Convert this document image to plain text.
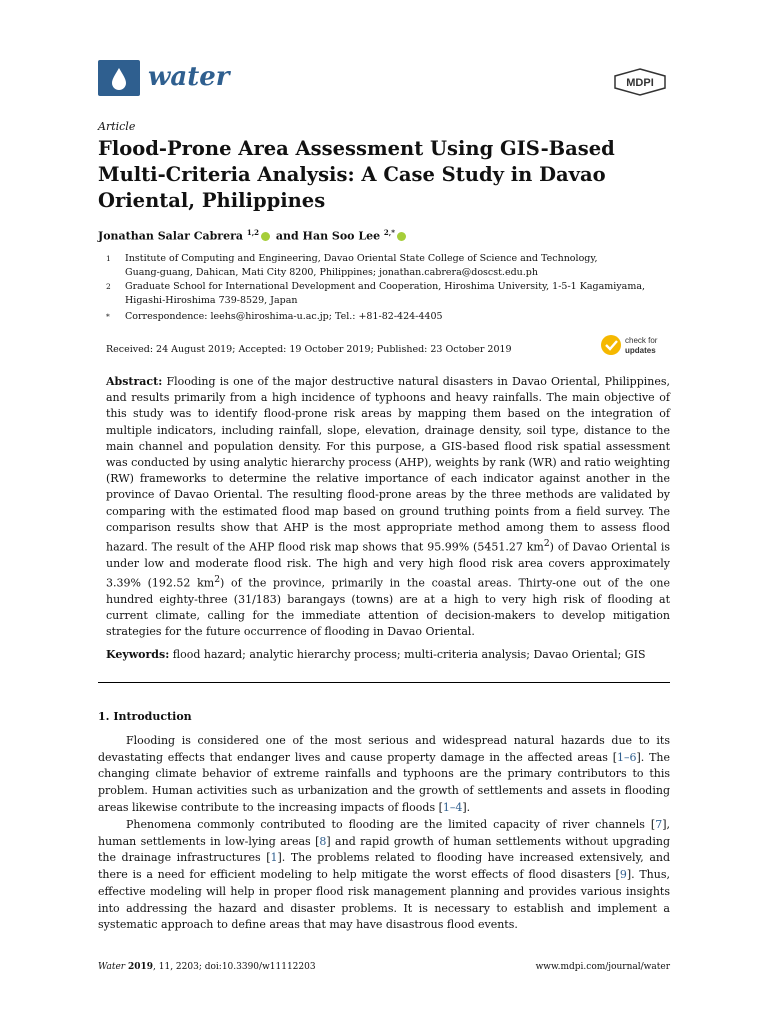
water	MDPI
Article
Flood-Prone Area Assessment Using GIS-Based Multi-Criteria Analysis: A Case Study in Davao Oriental, Philippines
Jonathan Salar Cabrera $^{1,2}$ and Han Soo Lee $^{2,*}$
1 Institute of Computing and Engineering, Davao Oriental State College of Science and Technology,
Guang-guang, Dahican, Mati City 8200, Philippines; jonathan.cabrera@doscst.edu.ph
2 Graduate School for International Development and Cooperation, Hiroshima University, 1-5-1 Kagamiyama,
Higashi-Hiroshima 739-8529, Japan
* Correspondence: leehs@hiroshima-u.ac.jp; Tel.: +81-82-424-4405
Received: 24 August 2019; Accepted: 19 October 2019; Published: 23 October 2019
check for
updates
Abstract: Flooding is one of the major destructive natural disasters in Davao Oriental, Philippines, and results primarily from a high incidence of typhoons and heavy rainfalls. The main objective of this study was to identify flood-prone risk areas by mapping them based on the integration of multiple indicators, including rainfall, slope, elevation, drainage density, soil type, distance to the main channel and population density. For this purpose, a GIS-based flood risk spatial assessment was conducted by using analytic hierarchy process (AHP), weights by rank (WR) and ratio weighting (RW) frameworks to determine the relative importance of each indicator against another in the province of Davao Oriental. The resulting flood-prone areas by the three methods are validated by comparing with the estimated flood map based on ground truthing points from a field survey. The comparison results show that AHP is the most appropriate method among them to assess flood hazard. The result of the AHP flood risk map shows that 95.99% (5451.27 $km^2$) of Davao Oriental is under low and moderate flood risk. The high and very high flood risk area covers approximately 3.39% (192.52 $km^2$) of the province, primarily in the coastal areas. Thirty-one out of the one hundred eighty-three (31/183) barangays (towns) are at a high to very high risk of flooding at current climate, calling for the immediate attention of decision-makers to develop mitigation strategies for the future occurrence of flooding in Davao Oriental.
Keywords: flood hazard; analytic hierarchy process; multi-criteria analysis; Davao Oriental; GIS
1. Introduction
Flooding is considered one of the most serious and widespread natural hazards due to its devastating effects that endanger lives and cause property damage in the affected areas [1–6]. The changing climate behavior of extreme rainfalls and typhoons are the primary contributors to this problem. Human activities such as urbanization and the growth of settlements and assets in flooding areas likewise contribute to the increasing impacts of floods [1–4].
Phenomena commonly contributed to flooding are the limited capacity of river channels [7], human settlements in low-lying areas [8] and rapid growth of human settlements without upgrading the drainage infrastructures [1]. The problems related to flooding have increased extensively, and there is a need for efficient modeling to help mitigate the worst effects of flood disasters [9]. Thus, effective modeling will help in proper flood risk management planning and provides various insights into addressing the hazard and disaster problems. It is necessary to establish and implement a systematic approach to define areas that may have disastrous flood events.
Water 2019, 11, 2203; doi:10.3390/w11112203	www.mdpi.com/journal/water
